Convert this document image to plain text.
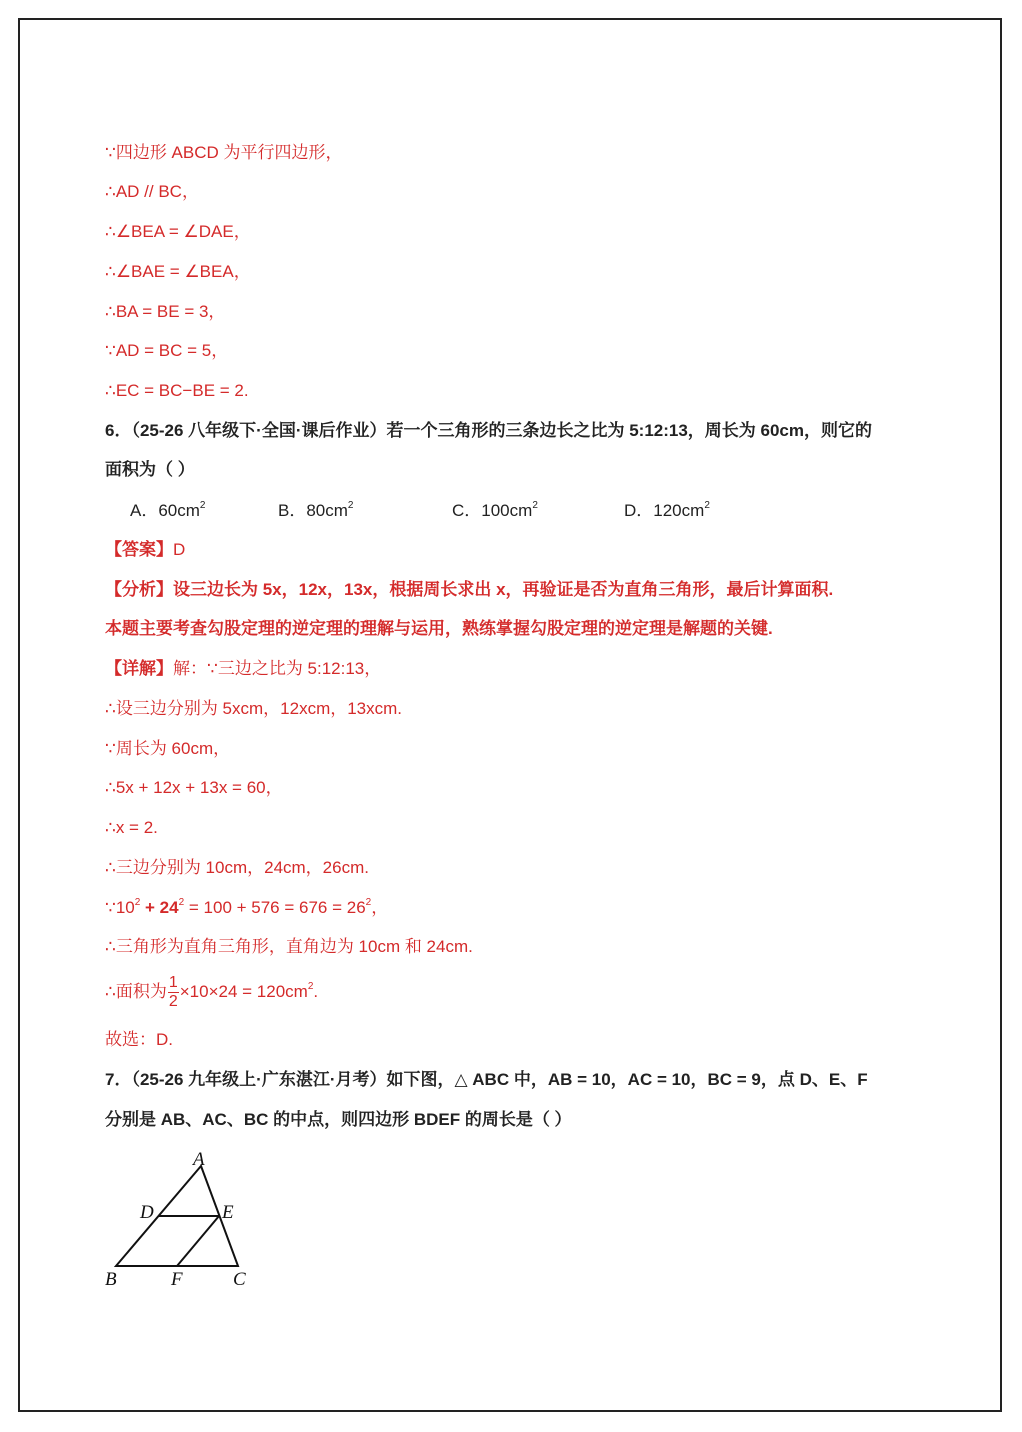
∵四边形 ABCD 为平行四边形，
∴AD // BC，
∴∠BEA = ∠DAE，
∴∠BAE = ∠BEA，
∴BA = BE = 3，
∵AD = BC = 5，
∴EC = BC−BE = 2.
6．（25-26 八年级下·全国·课后作业）若一个三角形的三条边长之比为 5:12:13，周长为 60cm，则它的
面积为（ ）
A．$60cm^2$	B．$80cm^2$	C．$100cm^2$	D．$120cm^2$
【答案】D
【分析】设三边长为 5x，12x，13x，根据周长求出 x，再验证是否为直角三角形，最后计算面积.
本题主要考查勾股定理的逆定理的理解与运用，熟练掌握勾股定理的逆定理是解题的关键.
【详解】解：∵三边之比为 5:12:13，
∴设三边分别为 5xcm，12xcm，13xcm.
∵周长为 60cm，
∴5x + 12x + 13x = 60，
∴x = 2.
∴三边分别为 10cm，24cm，26cm.
$\because 10^2 + 24^2 = 100 + 576 = 676 = 26^2$，
∴三角形为直角三角形，直角边为 10cm 和 24cm.
∴面积为 $\frac{1}{2} \times 10\times 24 = 120cm^2$.
故选：D.
7．（25-26 九年级上·广东湛江·月考）如下图，△ ABC 中，AB = 10，AC = 10，BC = 9，点 D、E、F
分别是 AB、AC、BC 的中点，则四边形 BDEF 的周长是（ ）
A
D	E
B	F	C
